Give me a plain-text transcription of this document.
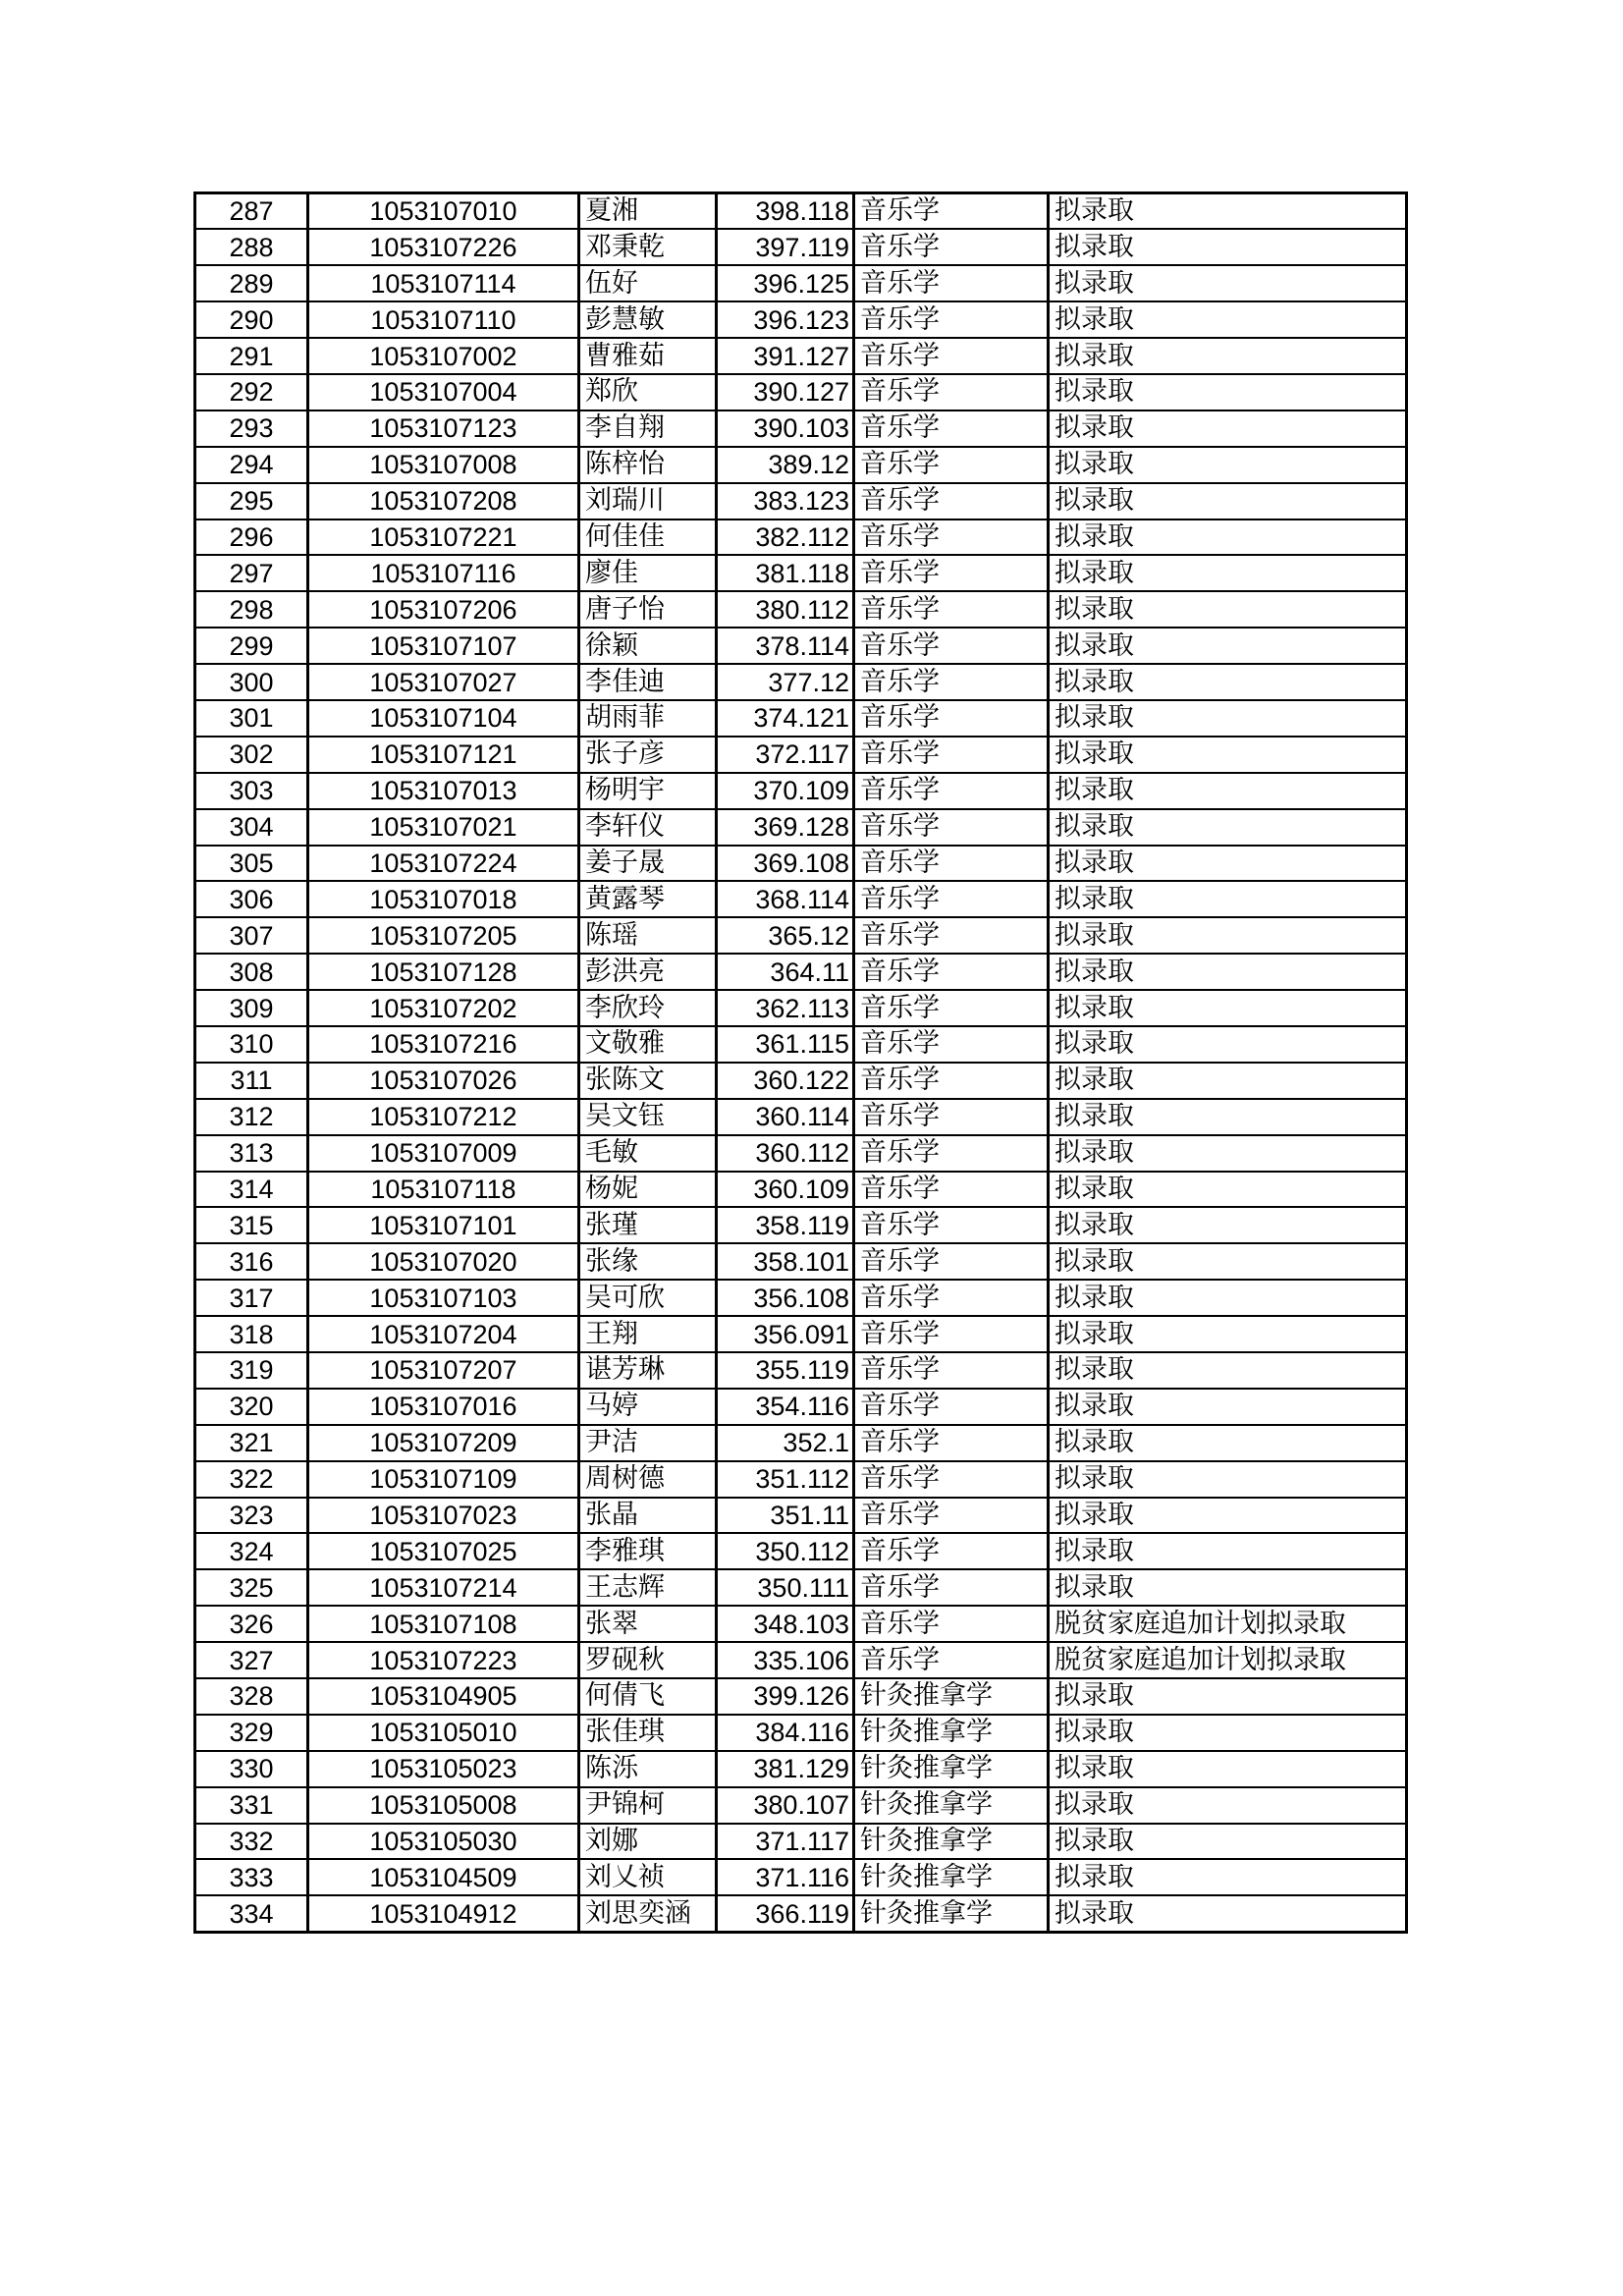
287	1053107010	夏湘	398.118	音乐学	拟录取
288	1053107226	邓秉乾	397.119	音乐学	拟录取
289	1053107114	伍好	396.125	音乐学	拟录取
290	1053107110	彭慧敏	396.123	音乐学	拟录取
291	1053107002	曹雅茹	391.127	音乐学	拟录取
292	1053107004	郑欣	390.127	音乐学	拟录取
293	1053107123	李自翔	390.103	音乐学	拟录取
294	1053107008	陈梓怡	389.12	音乐学	拟录取
295	1053107208	刘瑞川	383.123	音乐学	拟录取
296	1053107221	何佳佳	382.112	音乐学	拟录取
297	1053107116	廖佳	381.118	音乐学	拟录取
298	1053107206	唐子怡	380.112	音乐学	拟录取
299	1053107107	徐颖	378.114	音乐学	拟录取
300	1053107027	李佳迪	377.12	音乐学	拟录取
301	1053107104	胡雨菲	374.121	音乐学	拟录取
302	1053107121	张子彦	372.117	音乐学	拟录取
303	1053107013	杨明宇	370.109	音乐学	拟录取
304	1053107021	李轩仪	369.128	音乐学	拟录取
305	1053107224	姜子晟	369.108	音乐学	拟录取
306	1053107018	黄露琴	368.114	音乐学	拟录取
307	1053107205	陈瑶	365.12	音乐学	拟录取
308	1053107128	彭洪亮	364.11	音乐学	拟录取
309	1053107202	李欣玲	362.113	音乐学	拟录取
310	1053107216	文敬雅	361.115	音乐学	拟录取
311	1053107026	张陈文	360.122	音乐学	拟录取
312	1053107212	吴文钰	360.114	音乐学	拟录取
313	1053107009	毛敏	360.112	音乐学	拟录取
314	1053107118	杨妮	360.109	音乐学	拟录取
315	1053107101	张瑾	358.119	音乐学	拟录取
316	1053107020	张缘	358.101	音乐学	拟录取
317	1053107103	吴可欣	356.108	音乐学	拟录取
318	1053107204	王翔	356.091	音乐学	拟录取
319	1053107207	谌芳琳	355.119	音乐学	拟录取
320	1053107016	马婷	354.116	音乐学	拟录取
321	1053107209	尹洁	352.1	音乐学	拟录取
322	1053107109	周树德	351.112	音乐学	拟录取
323	1053107023	张晶	351.11	音乐学	拟录取
324	1053107025	李雅琪	350.112	音乐学	拟录取
325	1053107214	王志辉	350.111	音乐学	拟录取
326	1053107108	张翠	348.103	音乐学	脱贫家庭追加计划拟录取
327	1053107223	罗砚秋	335.106	音乐学	脱贫家庭追加计划拟录取
328	1053104905	何倩飞	399.126	针灸推拿学	拟录取
329	1053105010	张佳琪	384.116	针灸推拿学	拟录取
330	1053105023	陈泺	381.129	针灸推拿学	拟录取
331	1053105008	尹锦柯	380.107	针灸推拿学	拟录取
332	1053105030	刘娜	371.117	针灸推拿学	拟录取
333	1053104509	刘乂祯	371.116	针灸推拿学	拟录取
334	1053104912	刘思奕涵	366.119	针灸推拿学	拟录取
